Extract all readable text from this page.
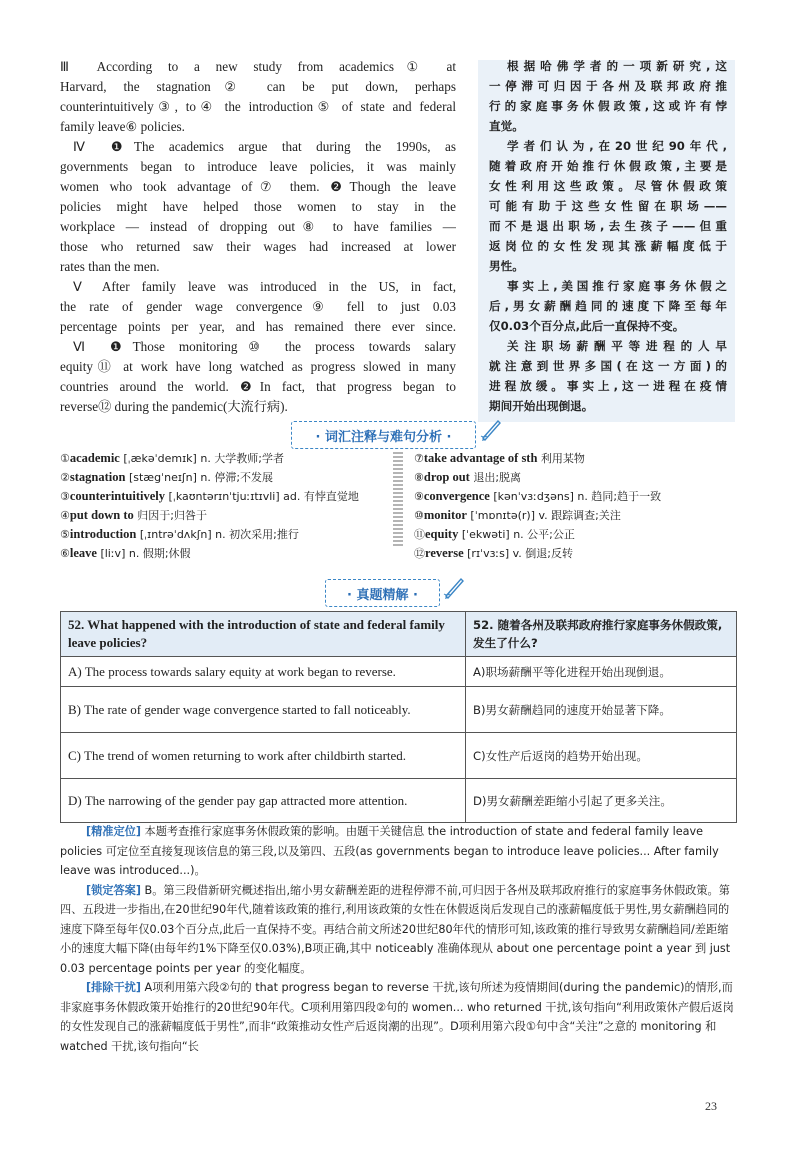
Ⅲ According to a new study from academics① at
Harvard, the stagnation② can be put down, perhaps
counterintuitively③, to④ the introduction⑤ of state and federal
family leave⑥ policies.
Ⅳ ❶The academics argue that during the 1990s, as
governments began to introduce leave policies, it was mainly
women who took advantage of⑦ them. ❷Though the leave
policies might have helped those women to stay in the
workplace — instead of dropping out⑧ to have families —
those who returned saw their wages had increased at lower
rates than the men.
Ⅴ After family leave was introduced in the US, in fact,
the rate of gender wage convergence⑨ fell to just 0.03
percentage points per year, and has remained there ever since.
Ⅵ ❶Those monitoring⑩ the process towards salary
equity⑪ at work have long watched as progress slowed in many
countries around the world. ❷In fact, that progress began to
reverse⑫ during the pandemic(大流行病).
根据哈佛学者的一项新研究,这
一停滞可归因于各州及联邦政府推
行的家庭事务休假政策,这或许有悖
直觉。
学者们认为,在20世纪90年代,
随着政府开始推行休假政策,主要是
女性利用这些政策。尽管休假政策
可能有助于这些女性留在职场——
而不是退出职场,去生孩子——但重
返岗位的女性发现其涨薪幅度低于
男性。
事实上,美国推行家庭事务休假之
后,男女薪酬趋同的速度下降至每年
仅0.03个百分点,此后一直保持不变。
关注职场薪酬平等进程的人早
就注意到世界多国(在这一方面)的
进程放缓。事实上,这一进程在疫情
期间开始出现倒退。
· 词汇注释与难句分析 ·
①academic [ˌækəˈdemɪk] n. 大学教师;学者
②stagnation [stægˈneɪʃn] n. 停滞;不发展
③counterintuitively [ˌkaʊntərɪnˈtjuːɪtɪvli] ad. 有悖直觉地
④put down to 归因于;归咎于
⑤introduction [ˌɪntrəˈdʌkʃn] n. 初次采用;推行
⑥leave [liːv] n. 假期;休假
⑦take advantage of sth 利用某物
⑧drop out 退出;脱离
⑨convergence [kənˈvɜːdʒəns] n. 趋同;趋于一致
⑩monitor [ˈmɒnɪtə(r)] v. 跟踪调查;关注
⑪equity [ˈekwəti] n. 公平;公正
⑫reverse [rɪˈvɜːs] v. 倒退;反转
· 真题精解 ·
52. What happened with the introduction of state and federal family leave policies?	52. 随着各州及联邦政府推行家庭事务休假政策,发生了什么?
A) The process towards salary equity at work began to reverse.	A)职场薪酬平等化进程开始出现倒退。
B) The rate of gender wage convergence started to fall noticeably.	B)男女薪酬趋同的速度开始显著下降。
C) The trend of women returning to work after childbirth started.	C)女性产后返岗的趋势开始出现。
D) The narrowing of the gender pay gap attracted more attention.	D)男女薪酬差距缩小引起了更多关注。

[精准定位] 本题考查推行家庭事务休假政策的影响。由题干关键信息 the introduction of state and federal family leave policies 可定位至直接复现该信息的第三段,以及第四、五段(as governments began to introduce leave policies... After family leave was introduced...)。

[锁定答案] B。第三段借新研究概述指出,缩小男女薪酬差距的进程停滞不前,可归因于各州及联邦政府推行的家庭事务休假政策。第四、五段进一步指出,在20世纪90年代,随着该政策的推行,利用该政策的女性在休假返岗后发现自己的涨薪幅度低于男性,男女薪酬趋同的速度下降至每年仅0.03个百分点,此后一直保持不变。再结合前文所述20世纪80年代的情形可知,该政策的推行导致男女薪酬趋同/差距缩小的速度大幅下降(由每年约1%下降至仅0.03%),B项正确,其中 noticeably 准确体现从 about one percentage point a year 到 just 0.03 percentage points per year 的变化幅度。

[排除干扰] A项利用第六段②句的 that progress began to reverse 干扰,该句所述为疫情期间(during the pandemic)的情形,而非家庭事务休假政策开始推行的20世纪90年代。C项利用第四段②句的 women... who returned 干扰,该句指向“利用政策休产假后返岗的女性发现自己的涨薪幅度低于男性”,而非“政策推动女性产后返岗潮的出现”。D项利用第六段①句中含“关注”之意的 monitoring 和 watched 干扰,该句指向“长

23
